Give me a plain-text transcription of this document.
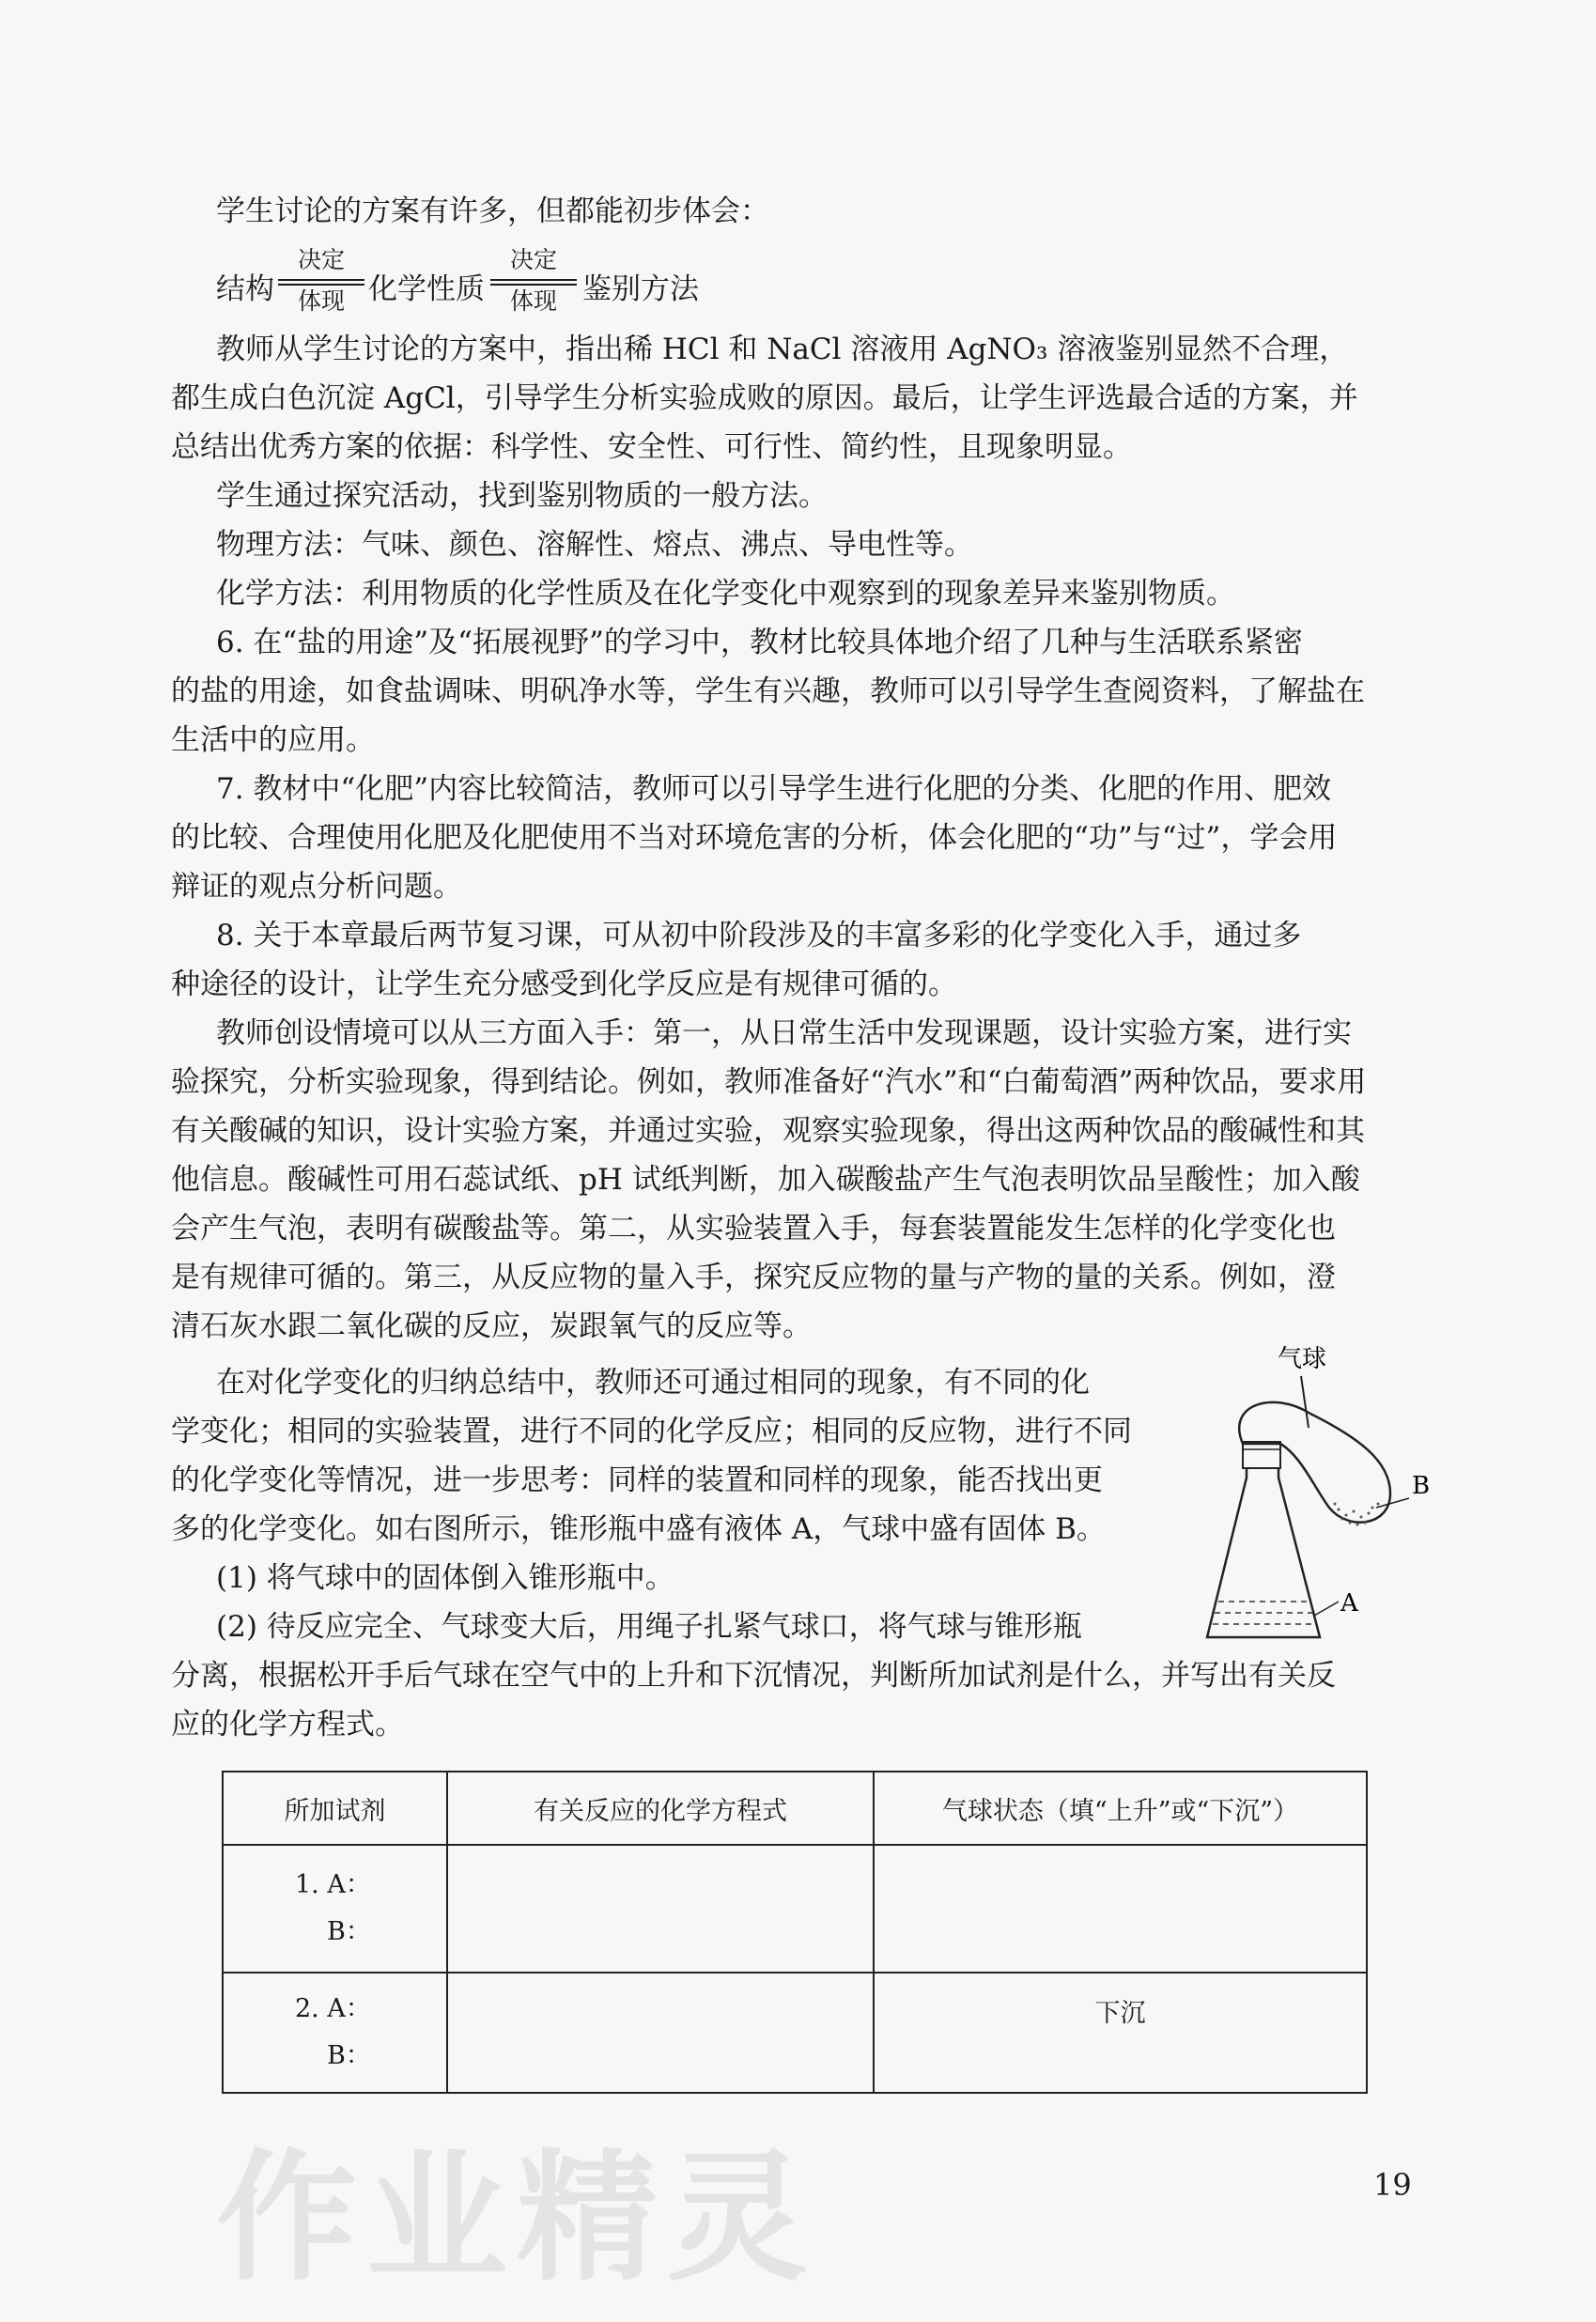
学生讨论的方案有许多，但都能初步体会：
结构
决定
体现 化学性质
决定
体现 鉴别方法
教师从学生讨论的方案中，指出稀 HCl 和 NaCl 溶液用 AgNO₃ 溶液鉴别显然不合理，
都生成白色沉淀 AgCl，引导学生分析实验成败的原因。最后，让学生评选最合适的方案，并
总结出优秀方案的依据：科学性、安全性、可行性、简约性，且现象明显。
学生通过探究活动，找到鉴别物质的一般方法。
物理方法：气味、颜色、溶解性、熔点、沸点、导电性等。
化学方法：利用物质的化学性质及在化学变化中观察到的现象差异来鉴别物质。
6. 在“盐的用途”及“拓展视野”的学习中，教材比较具体地介绍了几种与生活联系紧密
的盐的用途，如食盐调味、明矾净水等，学生有兴趣，教师可以引导学生查阅资料，了解盐在
生活中的应用。
7. 教材中“化肥”内容比较简洁，教师可以引导学生进行化肥的分类、化肥的作用、肥效
的比较、合理使用化肥及化肥使用不当对环境危害的分析，体会化肥的“功”与“过”，学会用
辩证的观点分析问题。
8. 关于本章最后两节复习课，可从初中阶段涉及的丰富多彩的化学变化入手，通过多
种途径的设计，让学生充分感受到化学反应是有规律可循的。
教师创设情境可以从三方面入手：第一，从日常生活中发现课题，设计实验方案，进行实
验探究，分析实验现象，得到结论。例如，教师准备好“汽水”和“白葡萄酒”两种饮品，要求用
有关酸碱的知识，设计实验方案，并通过实验，观察实验现象，得出这两种饮品的酸碱性和其
他信息。酸碱性可用石蕊试纸、pH 试纸判断，加入碳酸盐产生气泡表明饮品呈酸性；加入酸
会产生气泡，表明有碳酸盐等。第二，从实验装置入手，每套装置能发生怎样的化学变化也
是有规律可循的。第三，从反应物的量入手，探究反应物的量与产物的量的关系。例如，澄
清石灰水跟二氧化碳的反应，炭跟氧气的反应等。
在对化学变化的归纳总结中，教师还可通过相同的现象，有不同的化
学变化；相同的实验装置，进行不同的化学反应；相同的反应物，进行不同
的化学变化等情况，进一步思考：同样的装置和同样的现象，能否找出更
多的化学变化。如右图所示，锥形瓶中盛有液体 A，气球中盛有固体 B。
(1) 将气球中的固体倒入锥形瓶中。
(2) 待反应完全、气球变大后，用绳子扎紧气球口，将气球与锥形瓶
分离，根据松开手后气球在空气中的上升和下沉情况，判断所加试剂是什么，并写出有关反
应的化学方程式。
气球
B
A
所加试剂	有关反应的化学方程式	气球状态（填“上升”或“下沉”）

1. A：
B：		

2. A：
B：		下沉
作业精灵	19
